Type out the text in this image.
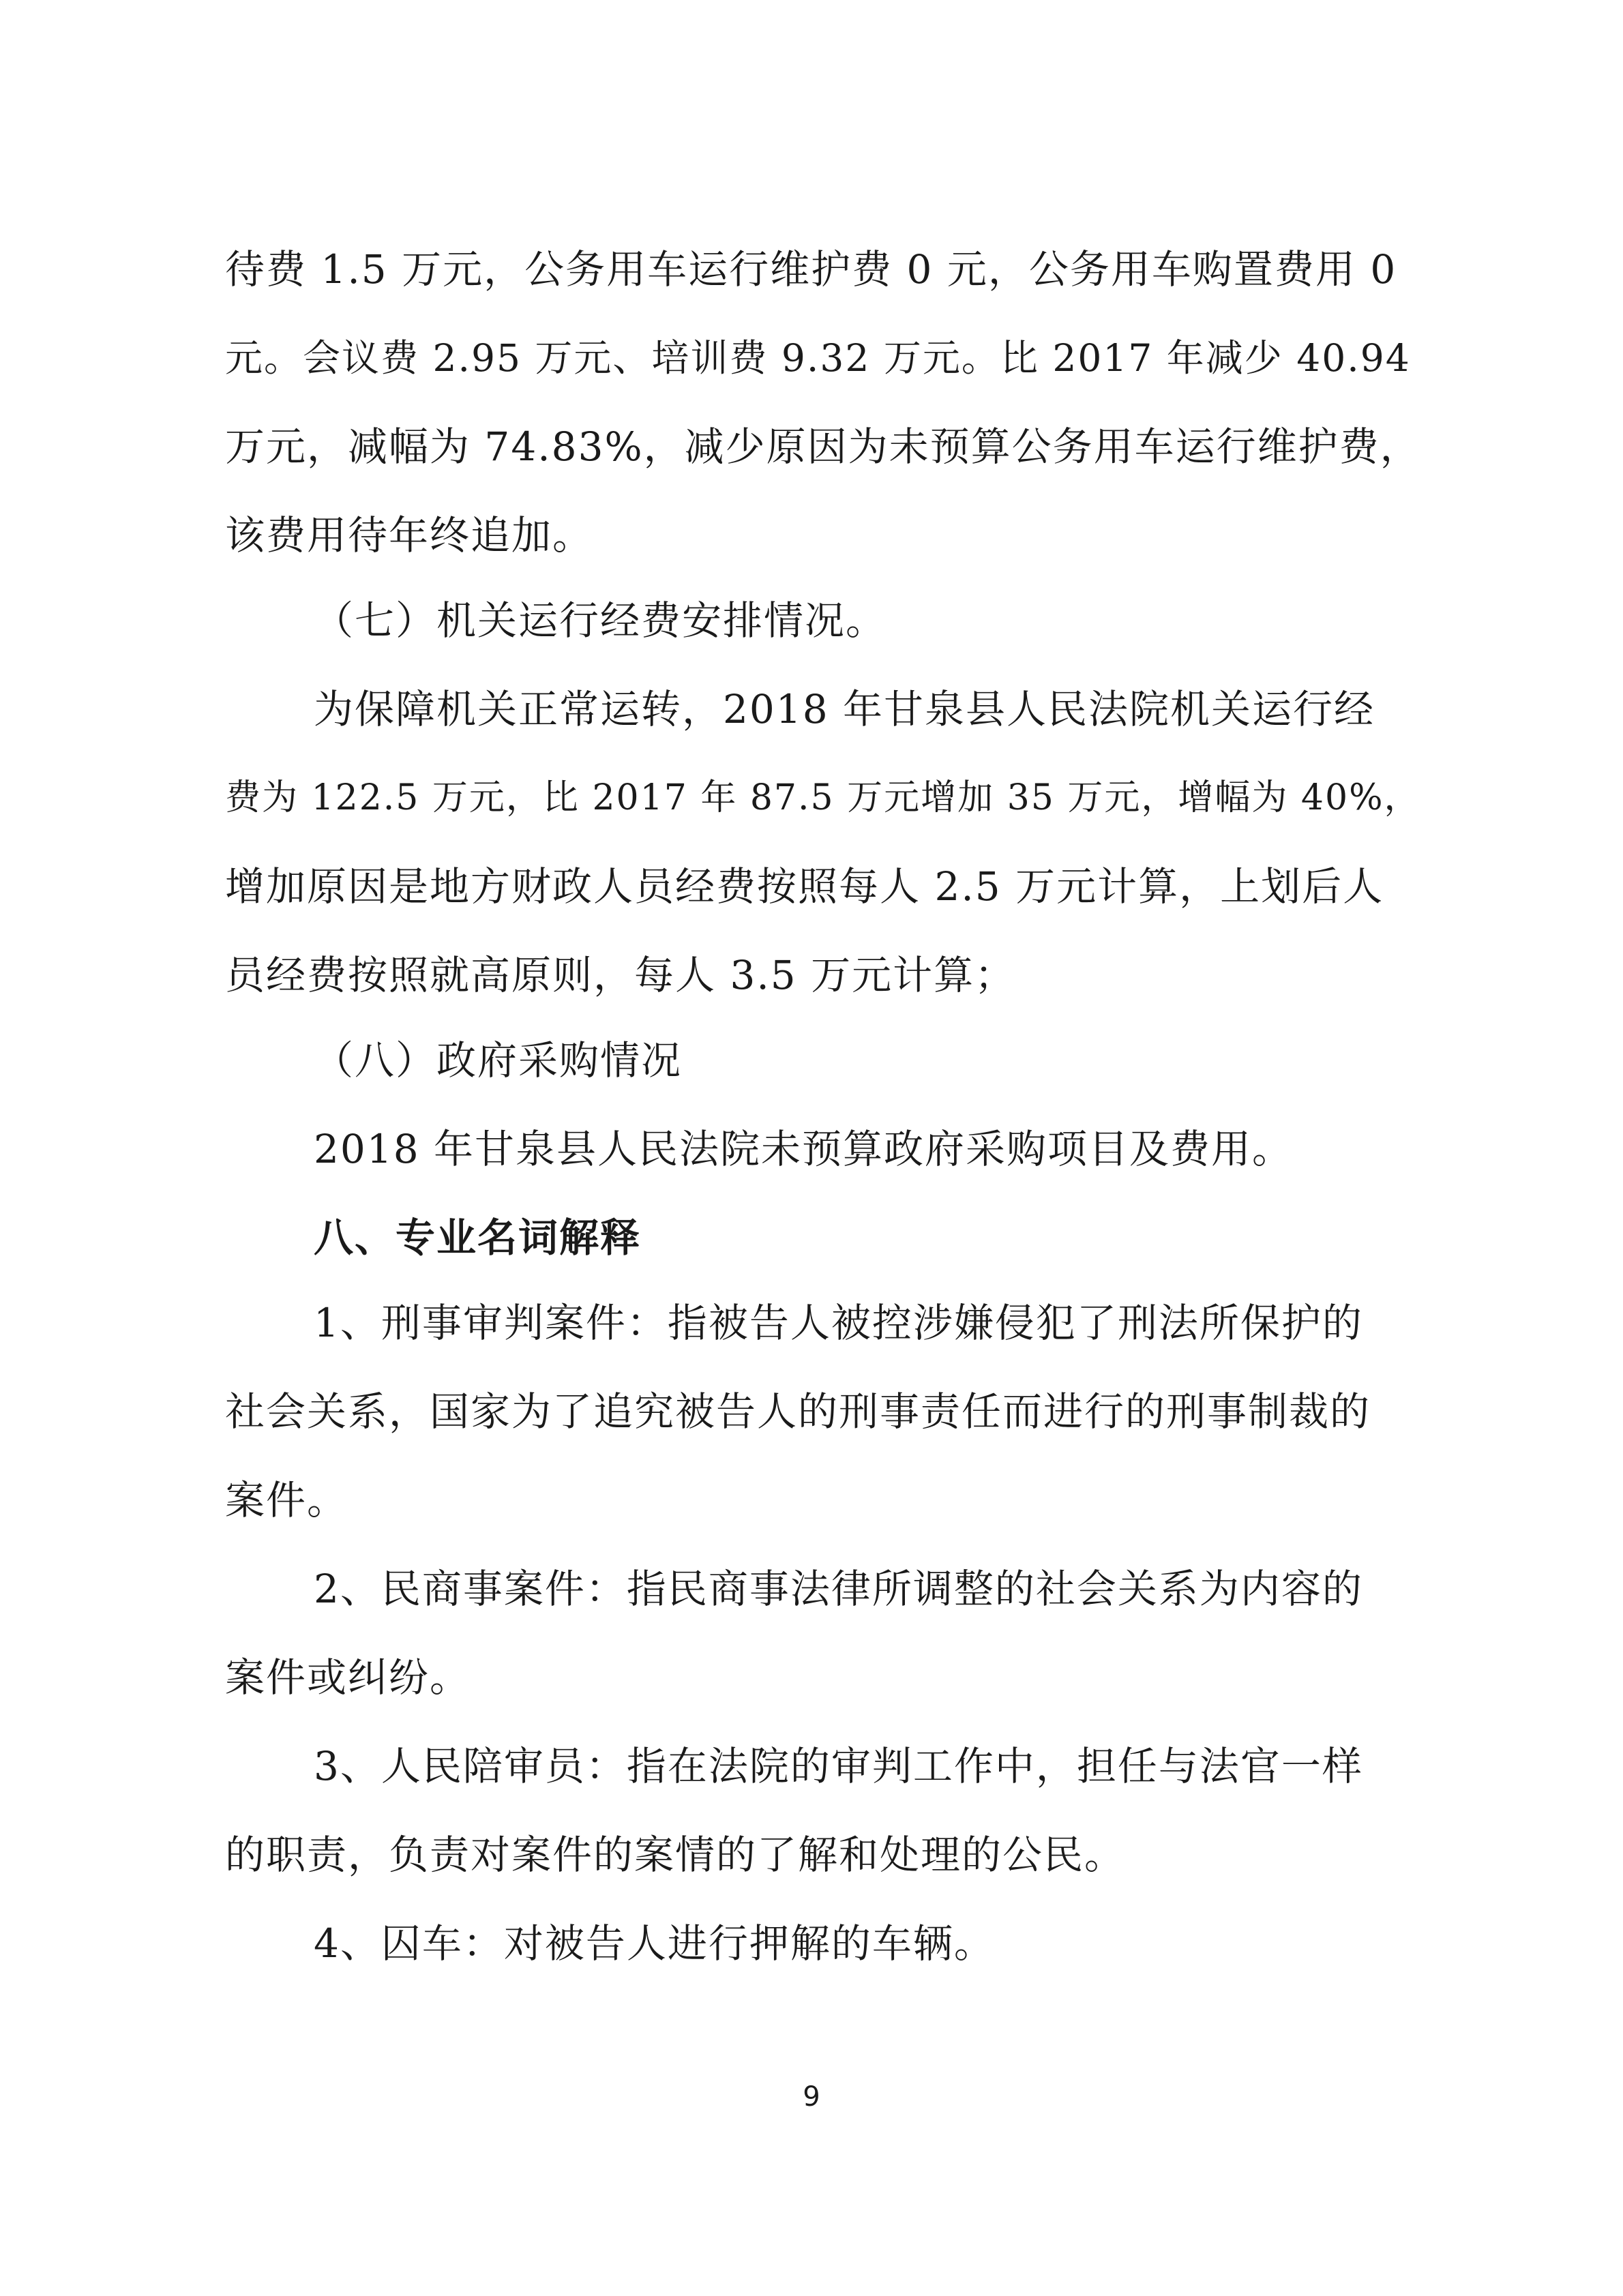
待费 1.5 万元，公务用车运行维护费 0 元，公务用车购置费用 0
元。会议费 2.95 万元、培训费 9.32 万元。比 2017 年减少 40.94
万元，减幅为 74.83%，减少原因为未预算公务用车运行维护费，
该费用待年终追加。
（七）机关运行经费安排情况。
为保障机关正常运转，2018 年甘泉县人民法院机关运行经
费为 122.5 万元，比 2017 年 87.5 万元增加 35 万元，增幅为 40%，
增加原因是地方财政人员经费按照每人 2.5 万元计算，上划后人
员经费按照就高原则，每人 3.5 万元计算；
（八）政府采购情况
2018 年甘泉县人民法院未预算政府采购项目及费用。
八、专业名词解释
1、刑事审判案件：指被告人被控涉嫌侵犯了刑法所保护的
社会关系，国家为了追究被告人的刑事责任而进行的刑事制裁的
案件。
2、民商事案件：指民商事法律所调整的社会关系为内容的
案件或纠纷。
3、人民陪审员：指在法院的审判工作中，担任与法官一样
的职责，负责对案件的案情的了解和处理的公民。
4、囚车：对被告人进行押解的车辆。
9
